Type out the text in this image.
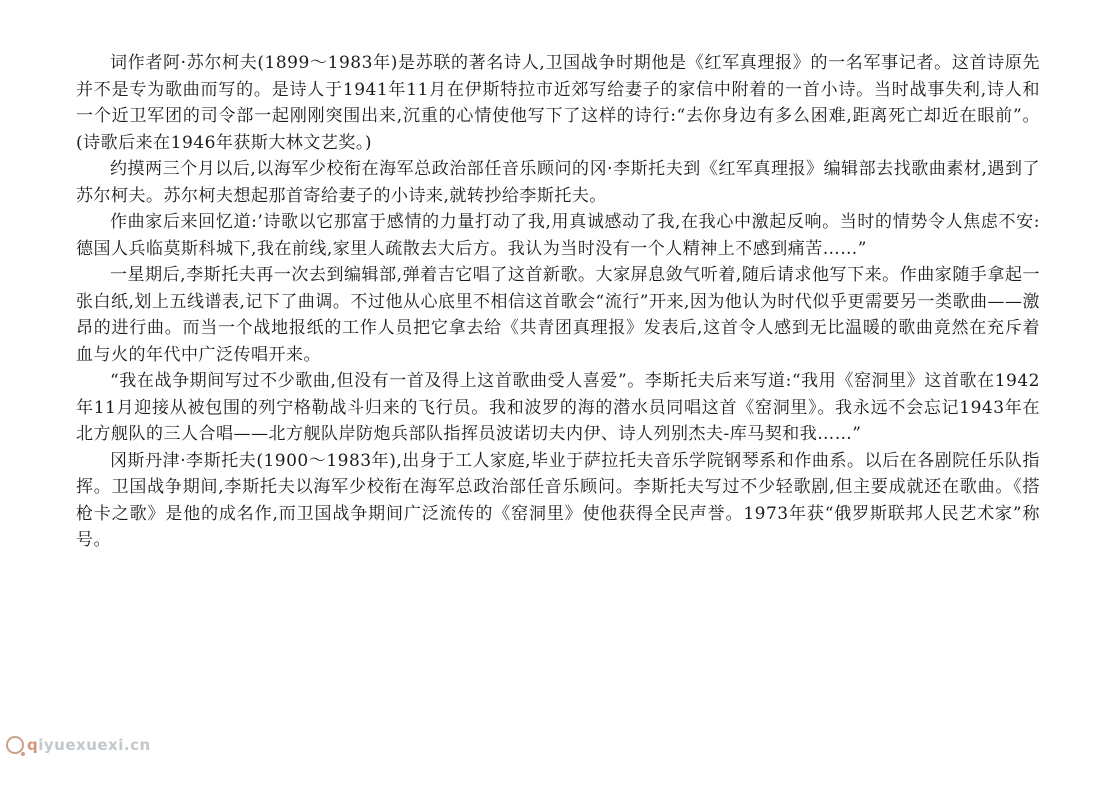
词作者阿·苏尔柯夫(1899～1983年)是苏联的著名诗人,卫国战争时期他是《红军真理报》的一名军事记者。这首诗原先并不是专为歌曲而写的。是诗人于1941年11月在伊斯特拉市近郊写给妻子的家信中附着的一首小诗。当时战事失利,诗人和一个近卫军团的司令部一起刚刚突围出来,沉重的心情使他写下了这样的诗行:“去你身边有多么困难,距离死亡却近在眼前”。(诗歌后来在1946年获斯大林文艺奖。)

约摸两三个月以后,以海军少校衔在海军总政治部任音乐顾问的冈·李斯托夫到《红军真理报》编辑部去找歌曲素材,遇到了苏尔柯夫。苏尔柯夫想起那首寄给妻子的小诗来,就转抄给李斯托夫。

作曲家后来回忆道:’诗歌以它那富于感情的力量打动了我,用真诚感动了我,在我心中激起反响。当时的情势令人焦虑不安:德国人兵临莫斯科城下,我在前线,家里人疏散去大后方。我认为当时没有一个人精神上不感到痛苦……”

一星期后,李斯托夫再一次去到编辑部,弹着吉它唱了这首新歌。大家屏息敛气听着,随后请求他写下来。作曲家随手拿起一张白纸,划上五线谱表,记下了曲调。不过他从心底里不相信这首歌会“流行”开来,因为他认为时代似乎更需要另一类歌曲——激昂的进行曲。而当一个战地报纸的工作人员把它拿去给《共青团真理报》发表后,这首令人感到无比温暖的歌曲竟然在充斥着血与火的年代中广泛传唱开来。

“我在战争期间写过不少歌曲,但没有一首及得上这首歌曲受人喜爱”。李斯托夫后来写道:“我用《窑洞里》这首歌在1942年11月迎接从被包围的列宁格勒战斗归来的飞行员。我和波罗的海的潜水员同唱这首《窑洞里》。我永远不会忘记1943年在北方舰队的三人合唱——北方舰队岸防炮兵部队指挥员波诺切夫内伊、诗人列别杰夫-库马契和我……”

冈斯丹津·李斯托夫(1900～1983年),出身于工人家庭,毕业于萨拉托夫音乐学院钢琴系和作曲系。以后在各剧院任乐队指挥。卫国战争期间,李斯托夫以海军少校衔在海军总政治部任音乐顾问。李斯托夫写过不少轻歌剧,但主要成就还在歌曲。《搭枪卡之歌》是他的成名作,而卫国战争期间广泛流传的《窑洞里》使他获得全民声誉。1973年获“俄罗斯联邦人民艺术家”称号。

q iyuexuexi.cn
